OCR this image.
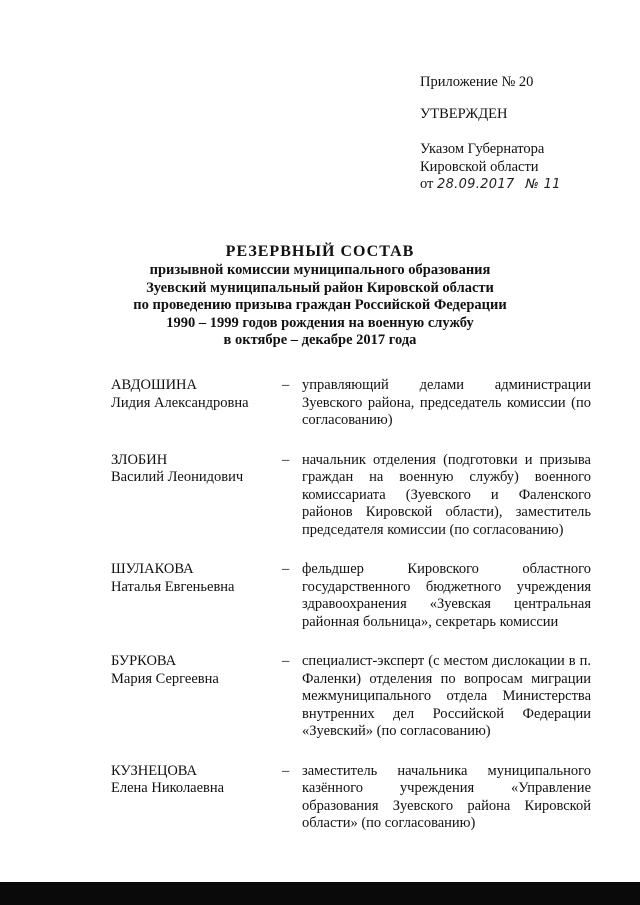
Приложение № 20
УТВЕРЖДЕН
Указом Губернатора
Кировской области
от 28.09.2017 № 11
РЕЗЕРВНЫЙ СОСТАВ
призывной комиссии муниципального образования
Зуевский муниципальный район Кировской области
по проведению призыва граждан Российской Федерации
1990 – 1999 годов рождения на военную службу
в октябре – декабре 2017 года
АВДОШИНА
Лидия Александровна
– управляющий делами администрации Зуевского района, председатель комиссии (по согласованию)
ЗЛОБИН
Василий Леонидович
– начальник отделения (подготовки и призыва граждан на военную службу) военного комиссариата (Зуевского и Фаленского районов Кировской области), заместитель председателя комиссии (по согласованию)
ШУЛАКОВА
Наталья Евгеньевна
– фельдшер Кировского областного государственного бюджетного учреждения здравоохранения «Зуевская центральная районная больница», секретарь комиссии
БУРКОВА
Мария Сергеевна
– специалист-эксперт (с местом дислокации в п. Фаленки) отделения по вопросам миграции межмуниципального отдела Министерства внутренних дел Российской Федерации «Зуевский» (по согласованию)
КУЗНЕЦОВА
Елена Николаевна
– заместитель начальника муниципального казённого учреждения «Управление образования Зуевского района Кировской области» (по согласованию)
